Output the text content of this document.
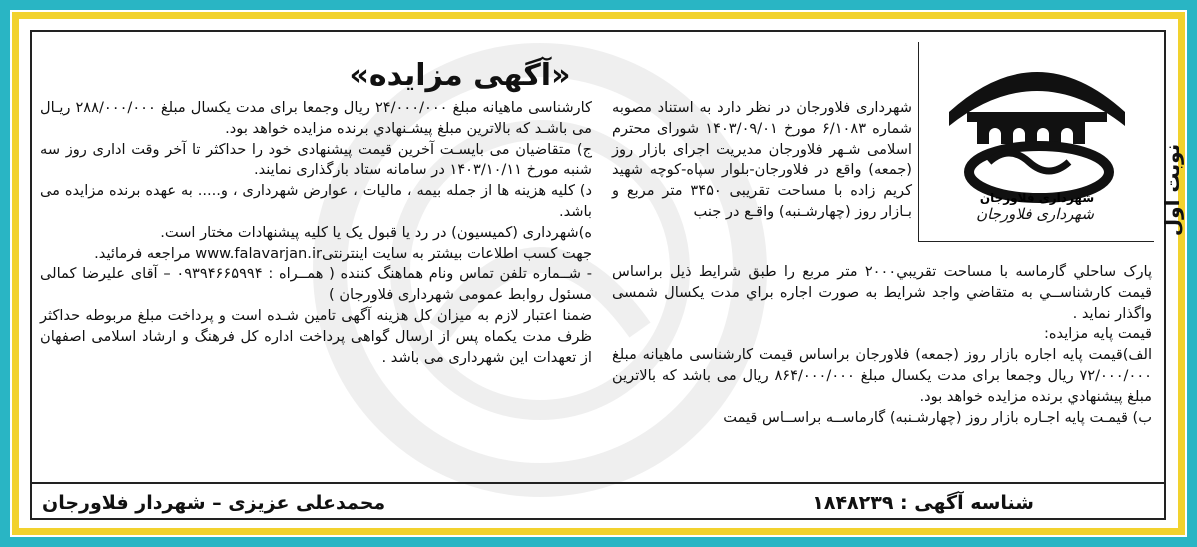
نوبت اول
شهرداری فلاورجان
شهرداری فلاورجان
«آگهی مزایده»

شهرداری فلاورجان در نظر دارد به استناد مصوبه شماره ۶/۱۰۸۳ مورخ ۱۴۰۳/۰۹/۰۱ شورای محترم اسلامی شـهر فلاورجان مدیریت اجرای بازار روز (جمعه) واقع در فلاورجان-بلوار سپاه-کوچه شهید کریم زاده با مساحت تقریبی ۳۴۵۰ متر مربع و بـازار روز (چهارشـنبه) واقـع در جنب

پارک ساحلي گارماسه با مساحت تقريبي۲۰۰۰ متر مربع را طبق شرايط ذيل براساس قيمت کارشناســي به متقاضي واجد شرايط به صورت اجاره براي مدت يکسال شمسی واگذار نماید .

قیمت پایه مزایده:

الف)قیمت پایه اجاره بازار روز (جمعه) فلاورجان براساس قیمت کارشناسی ماهیانه مبلغ ۷۲/۰۰۰/۰۰۰ ریال وجمعا برای مدت یکسال مبلغ ۸۶۴/۰۰۰/۰۰۰ ریال می باشد که بالاترين مبلغ پيشنهادي برنده مزايده خواهد بود.

ب) قیمـت پایه اجـاره بازار روز (چهارشـنبه) گارماســه براســاس قیمت

کارشناسی ماهیانه مبلغ ۲۴/۰۰۰/۰۰۰ ریال وجمعا برای مدت یکسال مبلغ ۲۸۸/۰۰۰/۰۰۰ ریـال می باشـد که بالاترين مبلغ پيشـنهادي برنده مزايده خواهد بود.

ج) متقاضیان می بایسـت آخرین قیمت پیشنهادی خود را حداکثر تا آخر وقت اداری روز سه شنبه مورخ ۱۴۰۳/۱۰/۱۱ در سامانه ستاد بارگذاری نمایند.

د) کلیه هزینه ها از جمله بیمه ، مالیات ، عوارض شهرداری ، و..... به عهده برنده مزایده می باشد.

ه)شهرداری (کمیسیون) در رد یا قبول یک یا کلیه پیشنهادات مختار است.

جهت کسب اطلاعات بیشتر به سایت اینترنتیwww.falavarjan.ir مراجعه فرمائید.

- شــماره تلفن تماس ونام هماهنگ کننده ( همــراه : ۰۹۳۹۴۶۶۵۹۹۴ – آقای علیرضا کمالی مسئول روابط عمومی شهرداری فلاورجان )

ضمنا اعتبار لازم به میزان کل هزینه آگهی تامین شـده است و پرداخت مبلغ مربوطه حداکثر ظرف مدت یکماه پس از ارسال گواهی پرداخت اداره کل فرهنگ و ارشاد اسلامی اصفهان از تعهدات این شهرداری می باشد .

شناسه آگهی : ۱۸۴۸۲۳۹
محمدعلی عزیزی – شهردار فلاورجان
